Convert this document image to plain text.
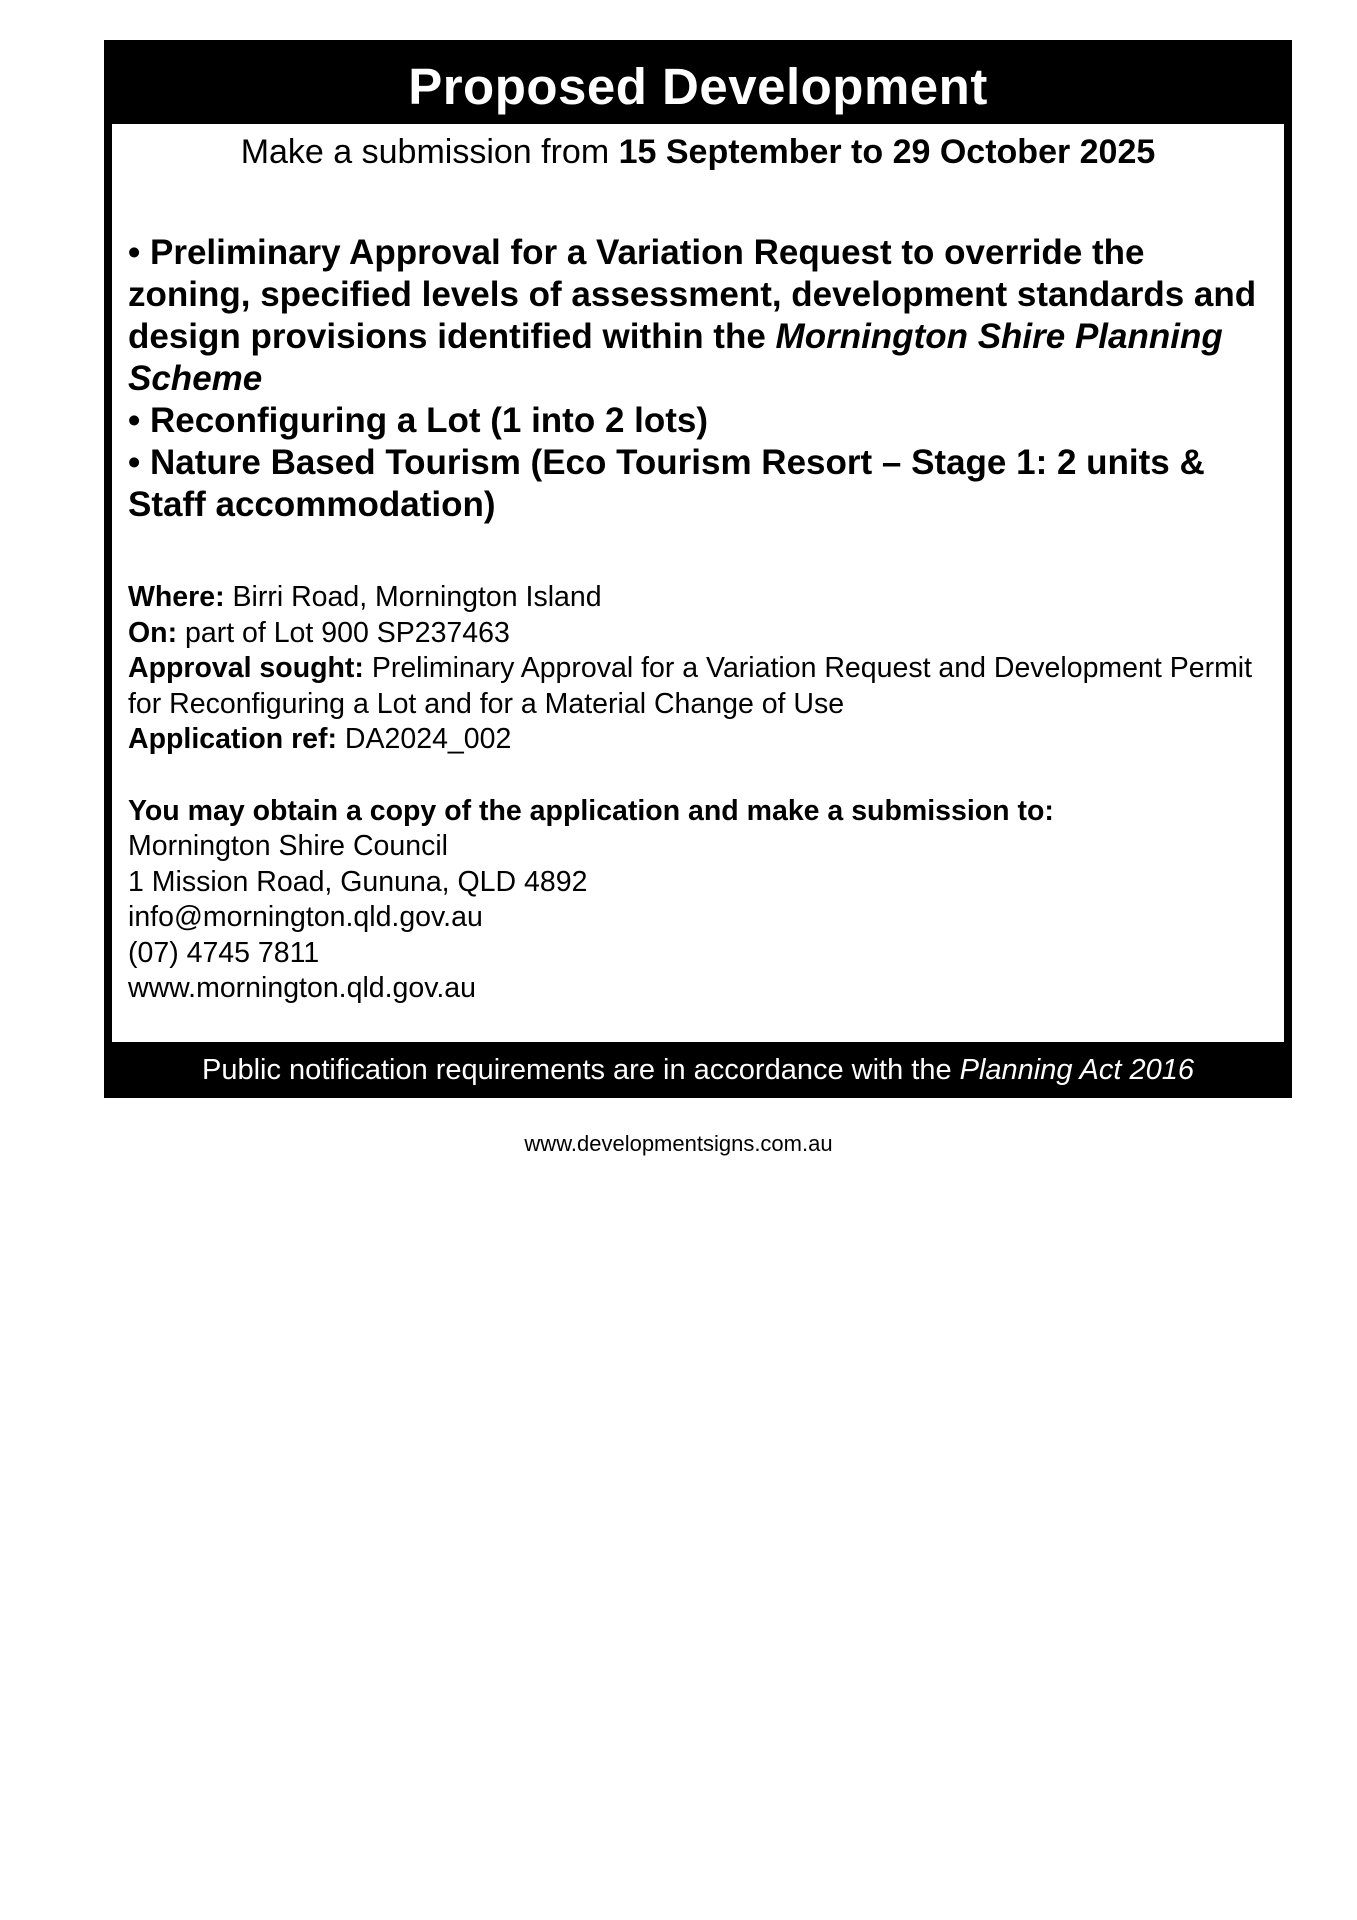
Proposed Development
Make a submission from 15 September to 29 October 2025
• Preliminary Approval for a Variation Request to override the zoning, specified levels of assessment, development standards and design provisions identified within the Mornington Shire Planning Scheme
• Reconfiguring a Lot (1 into 2 lots)
• Nature Based Tourism (Eco Tourism Resort – Stage 1: 2 units & Staff accommodation)
Where: Birri Road, Mornington Island
On: part of Lot 900 SP237463
Approval sought: Preliminary Approval for a Variation Request and Development Permit for Reconfiguring a Lot and for a Material Change of Use
Application ref: DA2024_002
You may obtain a copy of the application and make a submission to:
Mornington Shire Council
1 Mission Road, Gununa, QLD 4892
info@mornington.qld.gov.au
(07) 4745 7811
www.mornington.qld.gov.au
Public notification requirements are in accordance with the Planning Act 2016
www.developmentsigns.com.au
